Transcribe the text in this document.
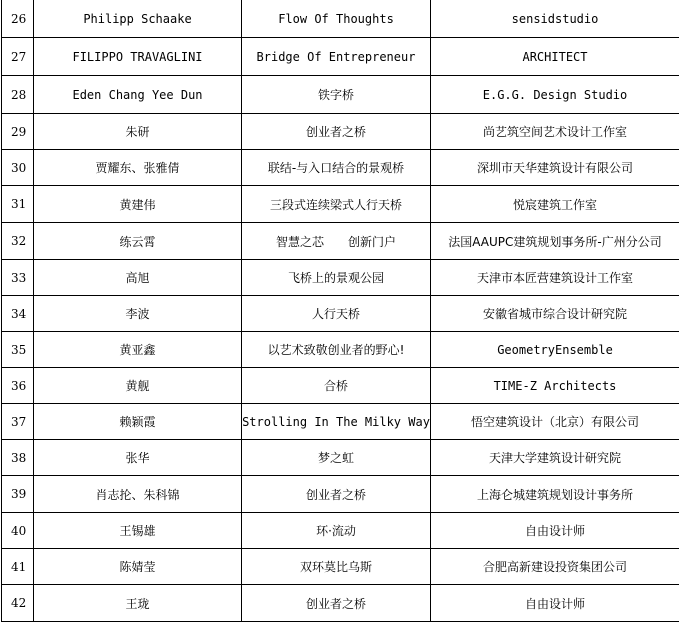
26	Philipp Schaake	Flow Of Thoughts	sensidstudio
27	FILIPPO TRAVAGLINI	Bridge Of Entrepreneur	ARCHITECT
28	Eden Chang Yee Dun	铁字桥	E.G.G. Design Studio
29	朱研	创业者之桥	尚艺筑空间艺术设计工作室
30	贾耀东、张雅倩	联结-与入口结合的景观桥	深圳市天华建筑设计有限公司
31	黄建伟	三段式连续梁式人行天桥	悦宸建筑工作室
32	练云霄	智慧之芯　　创新门户	法国AAUPC建筑规划事务所-广州分公司
33	高旭	飞桥上的景观公园	天津市本匠营建筑设计工作室
34	李波	人行天桥	安徽省城市综合设计研究院
35	黄亚鑫	以艺术致敬创业者的野心!	GeometryEnsemble
36	黄舰	合桥	TIME-Z Architects
37	赖颖霞	Strolling In The Milky Way	悟空建筑设计（北京）有限公司
38	张华	梦之虹	天津大学建筑设计研究院
39	肖志抡、朱科锦	创业者之桥	上海仑城建筑规划设计事务所
40	王锡雄	环·流动	自由设计师
41	陈婧莹	双环莫比乌斯	合肥高新建设投资集团公司
42	王珑	创业者之桥	自由设计师
